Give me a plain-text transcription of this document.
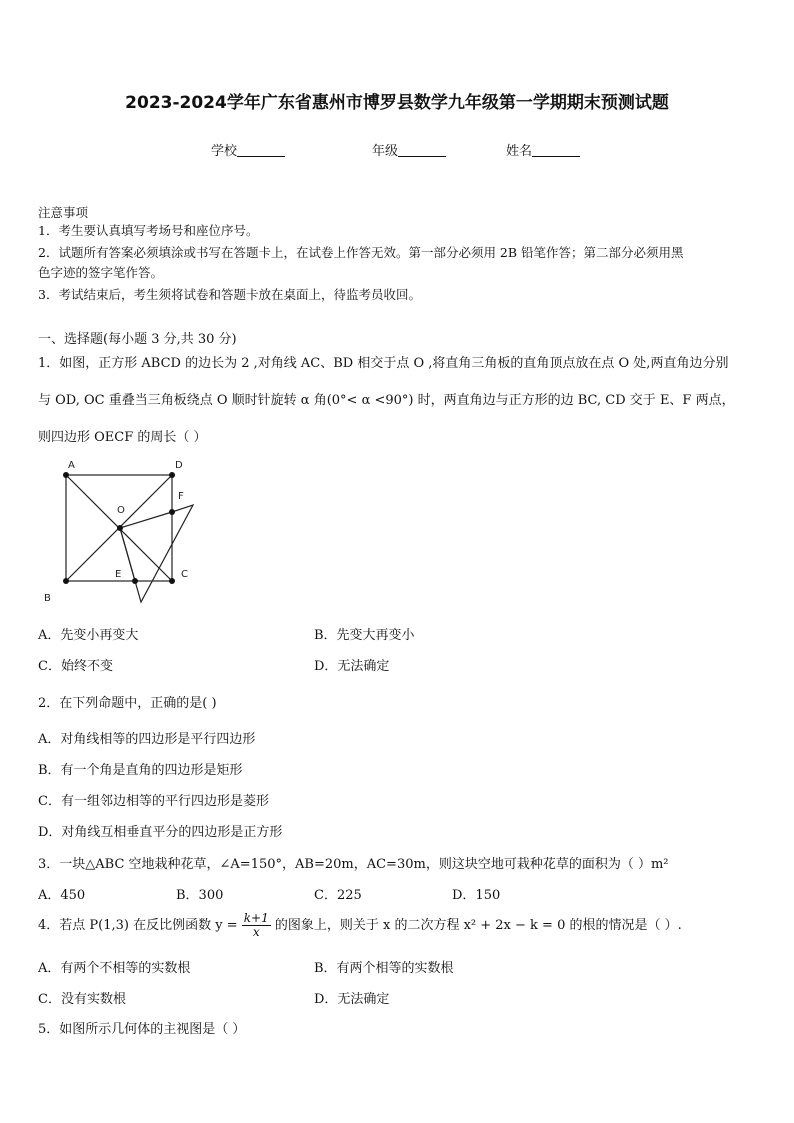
2023-2024学年广东省惠州市博罗县数学九年级第一学期期末预测试题
学校	年级	姓名
注意事项
1．考生要认真填写考场号和座位序号。
2．试题所有答案必须填涂或书写在答题卡上，在试卷上作答无效。第一部分必须用 2B 铅笔作答；第二部分必须用黑
色字迹的签字笔作答。
3．考试结束后，考生须将试卷和答题卡放在桌面上，待监考员收回。
一、选择题(每小题 3 分,共 30 分)
1．如图，正方形 ABCD 的边长为 2 ,对角线 AC、BD 相交于点 O ,将直角三角板的直角顶点放在点 O 处,两直角边分别
与 OD, OC 重叠当三角板绕点 O 顺时针旋转 α 角(0°< α <90°) 时，两直角边与正方形的边 BC, CD 交于 E、F 两点，
则四边形 OECF 的周长（ ）
A	D
B
C
O
E
F
A．先变小再变大	B．先变大再变小
C．始终不变	D．无法确定
2．在下列命题中，正确的是( )
A．对角线相等的四边形是平行四边形
B．有一个角是直角的四边形是矩形
C．有一组邻边相等的平行四边形是菱形
D．对角线互相垂直平分的四边形是正方形
3．一块△ABC 空地栽种花草，∠A=150°，AB=20m，AC=30m，则这块空地可栽种花草的面积为（ ）m²
A．450	B．300	C．225	D．150
4．若点 P(1,3) 在反比例函数 $y = \frac{k+1}{x}$ 的图象上，则关于 x 的二次方程 x² + 2x − k = 0 的根的情况是（ ）.
A．有两个不相等的实数根	B．有两个相等的实数根
C．没有实数根	D．无法确定
5．如图所示几何体的主视图是（ ）
